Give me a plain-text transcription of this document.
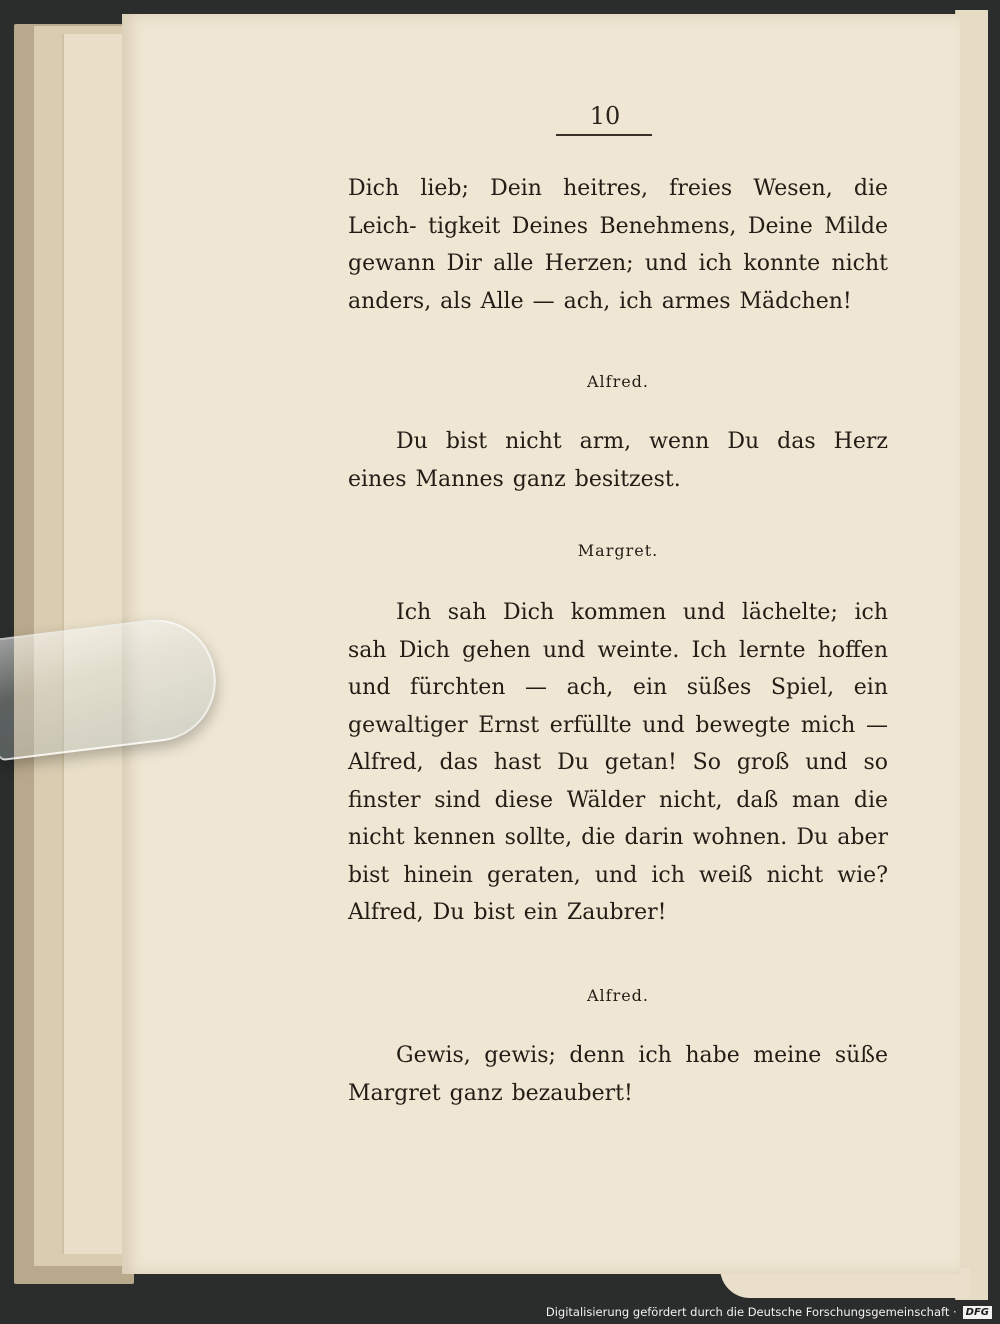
10

Dich lieb; Dein heitres, freies Wesen, die Leich- tigkeit Deines Benehmens, Deine Milde gewann Dir alle Herzen; und ich konnte nicht anders, als Alle — ach, ich armes Mädchen!

Alfred.

Du bist nicht arm, wenn Du das Herz eines Mannes ganz besitzest.

Margret.

Ich sah Dich kommen und lächelte; ich sah Dich gehen und weinte. Ich lernte hoffen und fürchten — ach, ein süßes Spiel, ein gewaltiger Ernst erfüllte und bewegte mich — Alfred, das hast Du getan! So groß und so finster sind diese Wälder nicht, daß man die nicht kennen sollte, die darin wohnen. Du aber bist hinein geraten, und ich weiß nicht wie? Alfred, Du bist ein Zaubrer!

Alfred.

Gewis, gewis; denn ich habe meine süße Margret ganz bezaubert!

Digitalisierung gefördert durch die Deutsche Forschungsgemeinschaft · DFG
